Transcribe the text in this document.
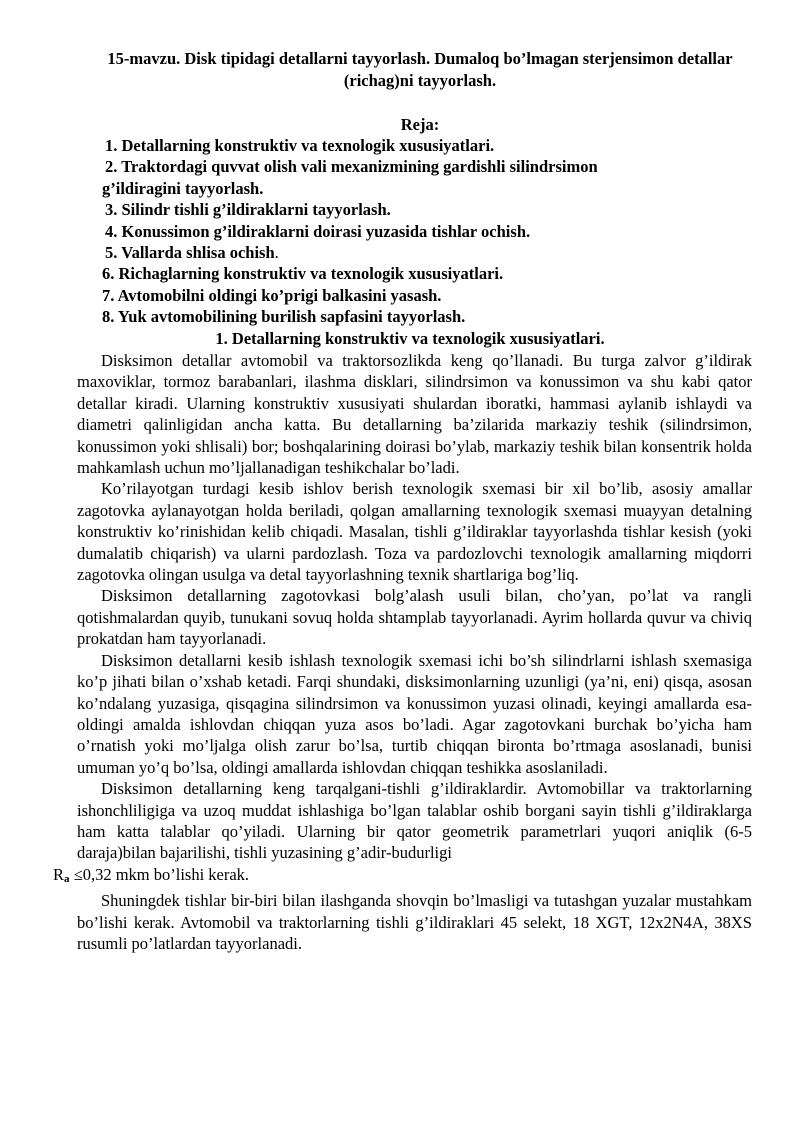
15-mavzu. Disk tipidagi detallarni tayyorlash. Dumaloq bo’lmagan sterjensimon detallar (richag)ni tayyorlash.
Reja:
1. Detallarning konstruktiv va texnologik xususiyatlari.
2. Traktordagi quvvat olish vali mexanizmining gardishli silindrsimon
g’ildiragini tayyorlash.
3. Silindr tishli g’ildiraklarni tayyorlash.
4. Konussimon g’ildiraklarni doirasi yuzasida tishlar ochish.
5. Vallarda shlisa ochish.
6. Richaglarning konstruktiv va texnologik xususiyatlari.
7. Avtomobilni oldingi ko’prigi balkasini yasash.
8. Yuk avtomobilining burilish sapfasini tayyorlash.
1. Detallarning konstruktiv va texnologik xususiyatlari.

Disksimon detallar avtomobil va traktorsozlikda keng qo’llanadi. Bu turga zalvor g’ildirak maxoviklar, tormoz barabanlari, ilashma disklari, silindrsimon va konussimon va shu kabi qator detallar kiradi. Ularning konstruktiv xususiyati shulardan iboratki, hammasi aylanib ishlaydi va diametri qalinligidan ancha katta. Bu detallarning ba’zilarida markaziy teshik (silindrsimon, konussimon yoki shlisali) bor; boshqalarining doirasi bo’ylab, markaziy teshik bilan konsentrik holda mahkamlash uchun mo’ljallanadigan teshikchalar bo’ladi.

Ko’rilayotgan turdagi kesib ishlov berish texnologik sxemasi bir xil bo’lib, asosiy amallar zagotovka aylanayotgan holda beriladi, qolgan amallarning texnologik sxemasi muayyan detalning konstruktiv ko’rinishidan kelib chiqadi. Masalan, tishli g’ildiraklar tayyorlashda tishlar kesish (yoki dumalatib chiqarish) va ularni pardozlash. Toza va pardozlovchi texnologik amallarning miqdorri zagotovka olingan usulga va detal tayyorlashning texnik shartlariga bog’liq.

Disksimon detallarning zagotovkasi bolg’alash usuli bilan, cho’yan, po’lat va rangli qotishmalardan quyib, tunukani sovuq holda shtamplab tayyorlanadi. Ayrim hollarda quvur va chiviq prokatdan ham tayyorlanadi.

Disksimon detallarni kesib ishlash texnologik sxemasi ichi bo’sh silindrlarni ishlash sxemasiga ko’p jihati bilan o’xshab ketadi. Farqi shundaki, disksimonlarning uzunligi (ya’ni, eni) qisqa, asosan ko’ndalang yuzasiga, qisqagina silindrsimon va konussimon yuzasi olinadi, keyingi amallarda esa-oldingi amalda ishlovdan chiqqan yuza asos bo’ladi. Agar zagotovkani burchak bo’yicha ham o’rnatish yoki mo’ljalga olish zarur bo’lsa, turtib chiqqan bironta bo’rtmaga asoslanadi, bunisi umuman yo’q bo’lsa, oldingi amallarda ishlovdan chiqqan teshikka asoslaniladi.

Disksimon detallarning keng tarqalgani-tishli g’ildiraklardir. Avtomobillar va traktorlarning ishonchliligiga va uzoq muddat ishlashiga bo’lgan talablar oshib borgani sayin tishli g’ildiraklarga ham katta talablar qo’yiladi. Ularning bir qator geometrik parametrlari yuqori aniqlik (6-5 daraja)bilan bajarilishi, tishli yuzasining g’adir-budurligi
$R_a \le 0,32$ mkm bo’lishi kerak.

Shuningdek tishlar bir-biri bilan ilashganda shovqin bo’lmasligi va tutashgan yuzalar mustahkam bo’lishi kerak. Avtomobil va traktorlarning tishli g’ildiraklari 45 selekt, 18 XGT, 12x2N4A, 38XS rusumli po’latlardan tayyorlanadi.
